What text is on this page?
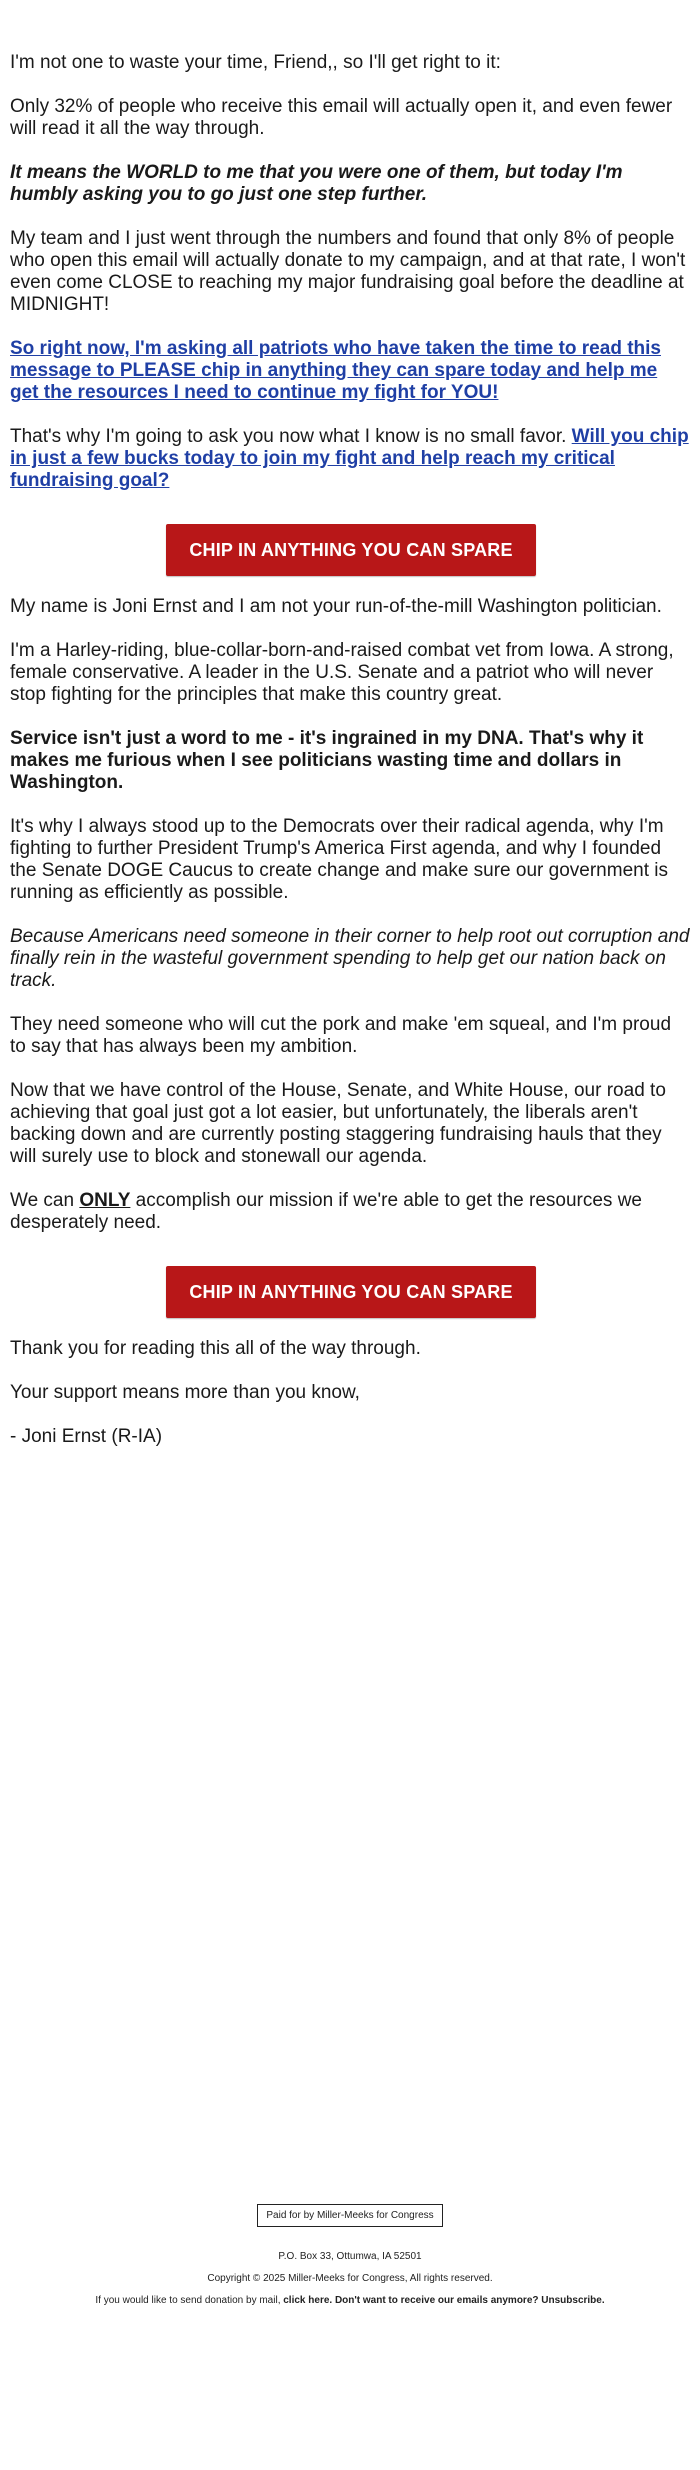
I'm not one to waste your time, Friend,, so I'll get right to it:

Only 32% of people who receive this email will actually open it, and even fewer will read it all the way through.

It means the WORLD to me that you were one of them, but today I'm humbly asking you to go just one step further.

My team and I just went through the numbers and found that only 8% of people who open this email will actually donate to my campaign, and at that rate, I won't even come CLOSE to reaching my major fundraising goal before the deadline at MIDNIGHT!

So right now, I'm asking all patriots who have taken the time to read this message to PLEASE chip in anything they can spare today and help me get the resources I need to continue my fight for YOU!

That's why I'm going to ask you now what I know is no small favor. Will you chip in just a few bucks today to join my fight and help reach my critical fundraising goal?

CHIP IN ANYTHING YOU CAN SPARE

My name is Joni Ernst and I am not your run-of-the-mill Washington politician.

I'm a Harley-riding, blue-collar-born-and-raised combat vet from Iowa. A strong, female conservative. A leader in the U.S. Senate and a patriot who will never stop fighting for the principles that make this country great.

Service isn't just a word to me - it's ingrained in my DNA. That's why it makes me furious when I see politicians wasting time and dollars in Washington.

It's why I always stood up to the Democrats over their radical agenda, why I'm fighting to further President Trump's America First agenda, and why I founded the Senate DOGE Caucus to create change and make sure our government is running as efficiently as possible.

Because Americans need someone in their corner to help root out corruption and finally rein in the wasteful government spending to help get our nation back on track.

They need someone who will cut the pork and make 'em squeal, and I'm proud to say that has always been my ambition.

Now that we have control of the House, Senate, and White House, our road to achieving that goal just got a lot easier, but unfortunately, the liberals aren't backing down and are currently posting staggering fundraising hauls that they will surely use to block and stonewall our agenda.

We can ONLY accomplish our mission if we're able to get the resources we desperately need.

CHIP IN ANYTHING YOU CAN SPARE

Thank you for reading this all of the way through.

Your support means more than you know,

- Joni Ernst (R-IA)

Paid for by Miller-Meeks for Congress

P.O. Box 33, Ottumwa, IA 52501

Copyright © 2025 Miller-Meeks for Congress, All rights reserved.

If you would like to send donation by mail, click here. Don't want to receive our emails anymore? Unsubscribe.
